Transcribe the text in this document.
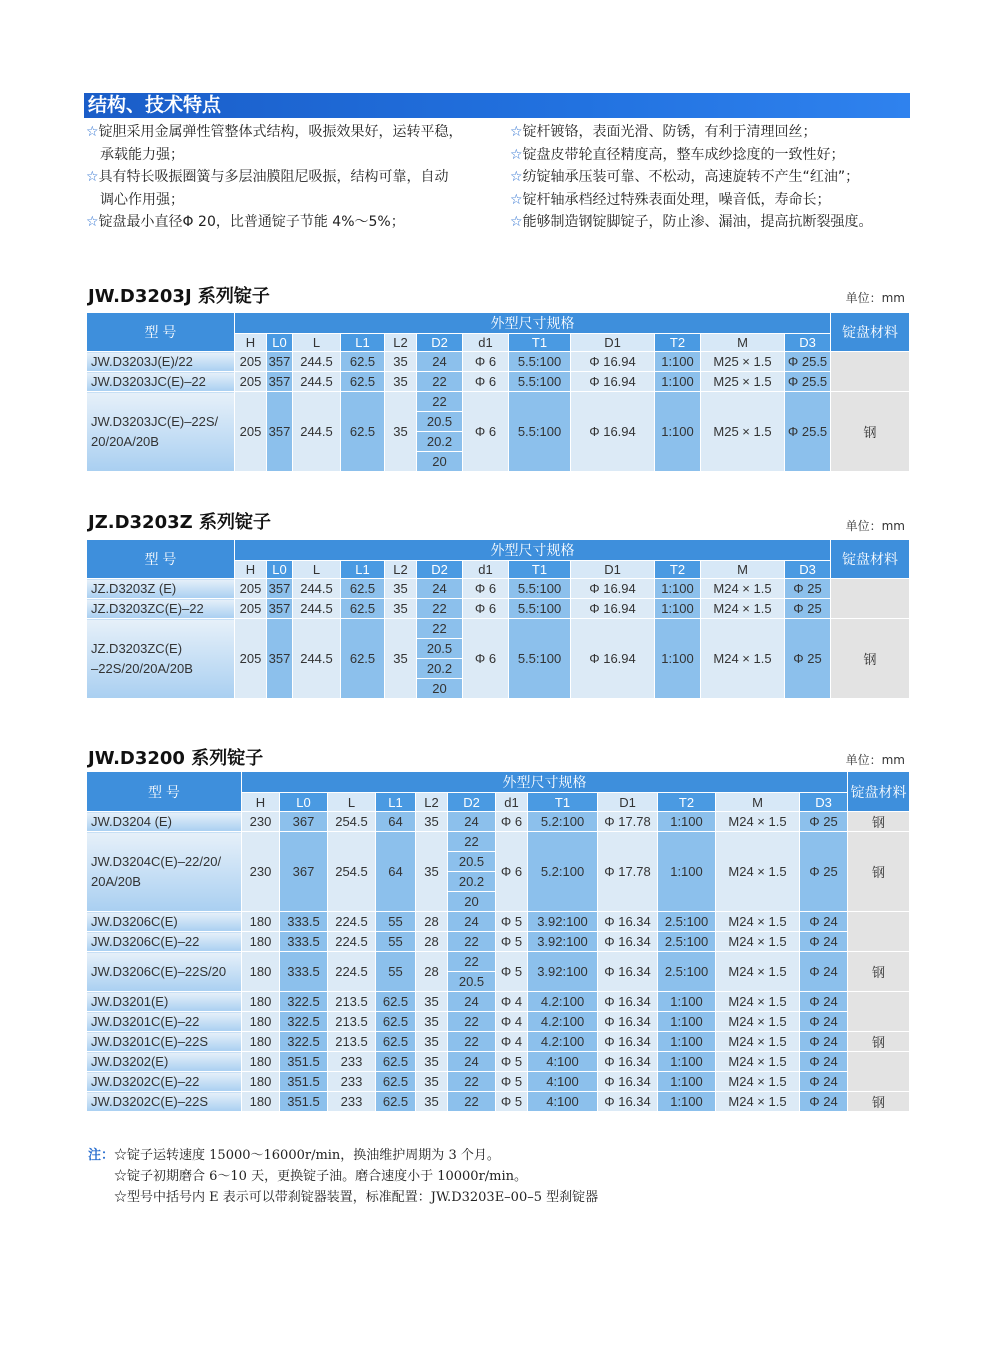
结构、技术特点

☆锭胆采用金属弹性管整体式结构，吸振效果好，运转平稳，

承载能力强；

☆具有特长吸振圈簧与多层油膜阻尼吸振，结构可靠，自动

调心作用强；

☆锭盘最小直径Φ 20，比普通锭子节能 4%～5%；

☆锭杆镀铬，表面光滑、防锈，有利于清理回丝；

☆锭盘皮带轮直径精度高，整车成纱捻度的一致性好；

☆纺锭轴承压装可靠、不松动，高速旋转不产生“红油”；

☆锭杆轴承档经过特殊表面处理，噪音低，寿命长；

☆能够制造钢锭脚锭子，防止渗、漏油，提高抗断裂强度。

JW.D3203J 系列锭子	单位：mm
型 号	外型尺寸规格												锭盘材料
	H	L0	L	L1	L2	D2	d1	T1	D1	T2	M	D3	
JW.D3203J(E)/22	205	357	244.5	62.5	35	24	Φ 6	5.5:100	Φ 16.94	1:100	M25 × 1.5	Φ 25.5	
JW.D3203JC(E)–22	205	357	244.5	62.5	35	22	Φ 6	5.5:100	Φ 16.94	1:100	M25 × 1.5	Φ 25.5	
JW.D3203JC(E)–22S/
20/20A/20B	205	357	244.5	62.5	35	22	Φ 6	5.5:100	Φ 16.94	1:100	M25 × 1.5	Φ 25.5	钢
						20.5							
						20.2							
						20							
JZ.D3203Z 系列锭子	单位：mm
型 号	外型尺寸规格												锭盘材料
	H	L0	L	L1	L2	D2	d1	T1	D1	T2	M	D3	
JZ.D3203Z (E)	205	357	244.5	62.5	35	24	Φ 6	5.5:100	Φ 16.94	1:100	M24 × 1.5	Φ 25	
JZ.D3203ZC(E)–22	205	357	244.5	62.5	35	22	Φ 6	5.5:100	Φ 16.94	1:100	M24 × 1.5	Φ 25	
JZ.D3203ZC(E)
–22S/20/20A/20B	205	357	244.5	62.5	35	22	Φ 6	5.5:100	Φ 16.94	1:100	M24 × 1.5	Φ 25	钢
						20.5							
						20.2							
						20							
JW.D3200 系列锭子	单位：mm
型 号	外型尺寸规格												锭盘材料
	H	L0	L	L1	L2	D2	d1	T1	D1	T2	M	D3	
JW.D3204 (E)	230	367	254.5	64	35	24	Φ 6	5.2:100	Φ 17.78	1:100	M24 × 1.5	Φ 25	钢
JW.D3204C(E)–22/20/
20A/20B	230	367	254.5	64	35	22	Φ 6	5.2:100	Φ 17.78	1:100	M24 × 1.5	Φ 25	钢
						20.5							
						20.2							
						20							
JW.D3206C(E)	180	333.5	224.5	55	28	24	Φ 5	3.92:100	Φ 16.34	2.5:100	M24 × 1.5	Φ 24	
JW.D3206C(E)–22	180	333.5	224.5	55	28	22	Φ 5	3.92:100	Φ 16.34	2.5:100	M24 × 1.5	Φ 24	
JW.D3206C(E)–22S/20	180	333.5	224.5	55	28	22	Φ 5	3.92:100	Φ 16.34	2.5:100	M24 × 1.5	Φ 24	钢
						20.5							
JW.D3201(E)	180	322.5	213.5	62.5	35	24	Φ 4	4.2:100	Φ 16.34	1:100	M24 × 1.5	Φ 24	
JW.D3201C(E)–22	180	322.5	213.5	62.5	35	22	Φ 4	4.2:100	Φ 16.34	1:100	M24 × 1.5	Φ 24	
JW.D3201C(E)–22S	180	322.5	213.5	62.5	35	22	Φ 4	4.2:100	Φ 16.34	1:100	M24 × 1.5	Φ 24	钢
JW.D3202(E)	180	351.5	233	62.5	35	24	Φ 5	4:100	Φ 16.34	1:100	M24 × 1.5	Φ 24	
JW.D3202C(E)–22	180	351.5	233	62.5	35	22	Φ 5	4:100	Φ 16.34	1:100	M24 × 1.5	Φ 24	
JW.D3202C(E)–22S	180	351.5	233	62.5	35	22	Φ 5	4:100	Φ 16.34	1:100	M24 × 1.5	Φ 24	钢

注：☆锭子运转速度 15000～16000r/min，换油维护周期为 3 个月。

☆锭子初期磨合 6～10 天，更换锭子油。磨合速度小于 10000r/min。

☆型号中括号内 E 表示可以带刹锭器装置，标准配置：JW.D3203E–00–5 型刹锭器
